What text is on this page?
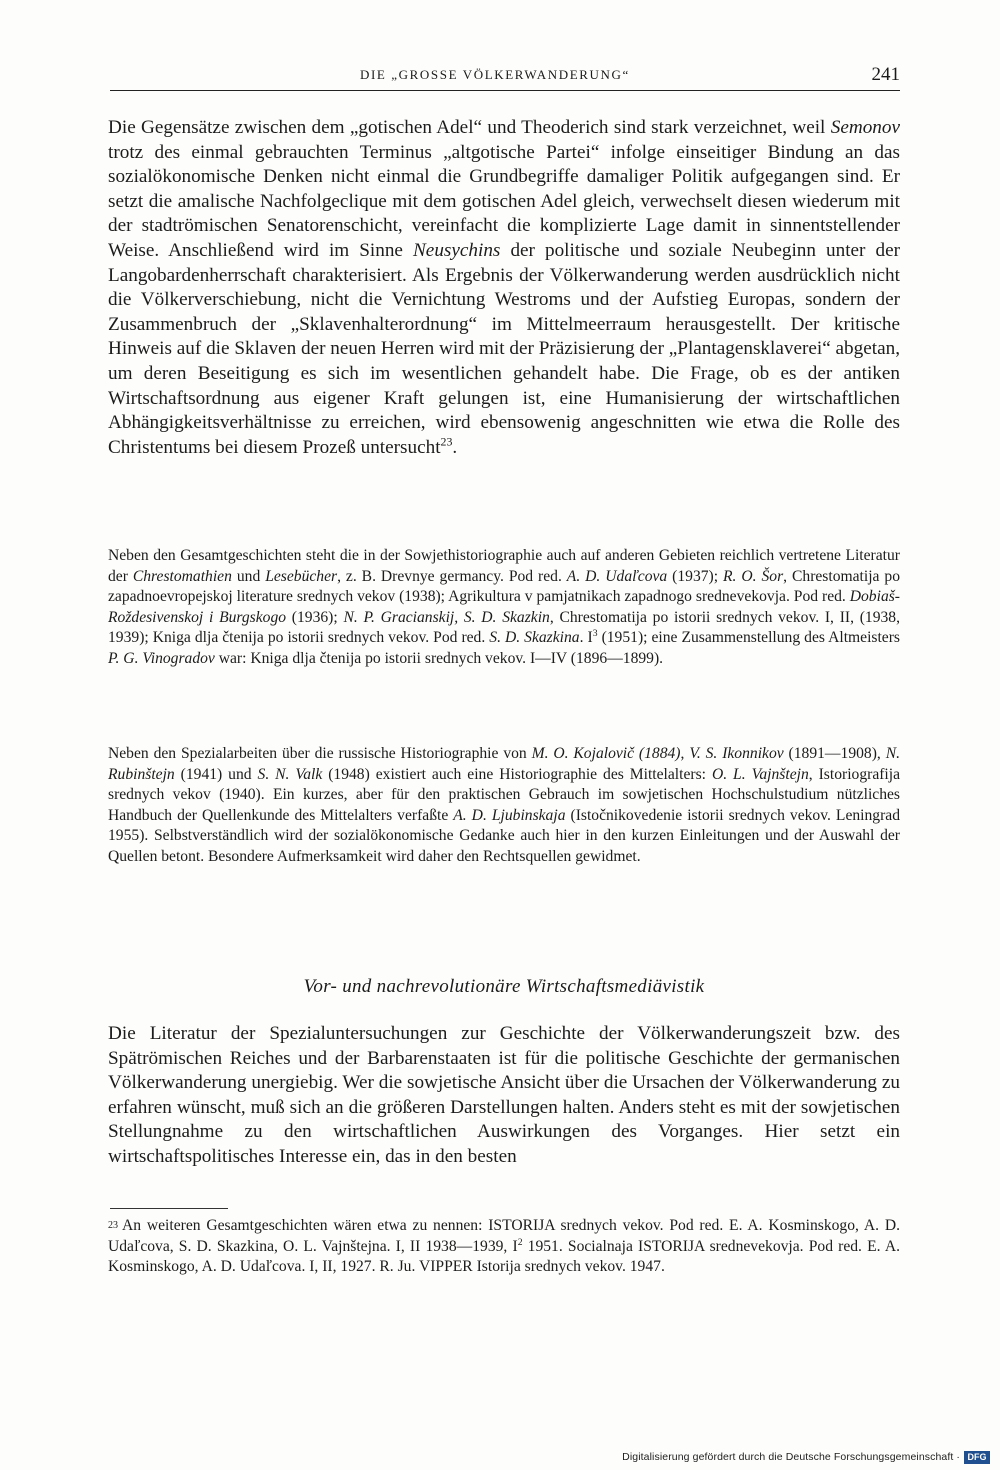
DIE „GROSSE VÖLKERWANDERUNG“	241

Die Gegensätze zwischen dem „gotischen Adel“ und Theoderich sind stark verzeichnet, weil Semonov trotz des einmal gebrauchten Terminus „altgotische Partei“ infolge einseitiger Bindung an das sozialökonomische Denken nicht einmal die Grundbegriffe damaliger Politik aufgegangen sind. Er setzt die amalische Nachfolgeclique mit dem gotischen Adel gleich, verwechselt diesen wiederum mit der stadtrömischen Senatorenschicht, vereinfacht die komplizierte Lage damit in sinnentstellender Weise. Anschließend wird im Sinne Neusychins der politische und soziale Neubeginn unter der Langobardenherrschaft charakterisiert. Als Ergebnis der Völkerwanderung werden ausdrücklich nicht die Völkerverschiebung, nicht die Vernichtung Westroms und der Aufstieg Europas, sondern der Zusammenbruch der „Sklavenhalterordnung“ im Mittelmeerraum herausgestellt. Der kritische Hinweis auf die Sklaven der neuen Herren wird mit der Präzisierung der „Plantagensklaverei“ abgetan, um deren Beseitigung es sich im wesentlichen gehandelt habe. Die Frage, ob es der antiken Wirtschaftsordnung aus eigener Kraft gelungen ist, eine Humanisierung der wirtschaftlichen Abhängigkeitsverhältnisse zu erreichen, wird ebensowenig angeschnitten wie etwa die Rolle des Christentums bei diesem Prozeß untersucht$^{23}$.

Neben den Gesamtgeschichten steht die in der Sowjethistoriographie auch auf anderen Gebieten reichlich vertretene Literatur der Chrestomathien und Lesebücher, z. B. Drevnye germancy. Pod red. A. D. Udaľcova (1937); R. O. Šor, Chrestomatija po zapadnoevropejskoj literature srednych vekov (1938); Agrikultura v pamjatnikach zapadnogo srednevekovja. Pod red. Dobiaš-Roždesivenskoj i Burgskogo (1936); N. P. Gracianskij, S. D. Skazkin, Chrestomatija po istorii srednych vekov. I, II, (1938, 1939); Kniga dlja čtenija po istorii srednych vekov. Pod red. S. D. Skazkina. $I^3$ (1951); eine Zusammenstellung des Altmeisters P. G. Vinogradov war: Kniga dlja čtenija po istorii srednych vekov. I—IV (1896—1899).

Neben den Spezialarbeiten über die russische Historiographie von M. O. Kojalovič (1884), V. S. Ikonnikov (1891—1908), N. Rubinštejn (1941) und S. N. Valk (1948) existiert auch eine Historiographie des Mittelalters: O. L. Vajnštejn, Istoriografija srednych vekov (1940). Ein kurzes, aber für den praktischen Gebrauch im sowjetischen Hochschulstudium nützliches Handbuch der Quellenkunde des Mittelalters verfaßte A. D. Ljubinskaja (Istočnikovedenie istorii srednych vekov. Leningrad 1955). Selbstverständlich wird der sozialökonomische Gedanke auch hier in den kurzen Einleitungen und der Auswahl der Quellen betont. Besondere Aufmerksamkeit wird daher den Rechtsquellen gewidmet.

Vor- und nachrevolutionäre Wirtschaftsmediävistik

Die Literatur der Spezialuntersuchungen zur Geschichte der Völkerwanderungszeit bzw. des Spätrömischen Reiches und der Barbarenstaaten ist für die politische Geschichte der germanischen Völkerwanderung unergiebig. Wer die sowjetische Ansicht über die Ursachen der Völkerwanderung zu erfahren wünscht, muß sich an die größeren Darstellungen halten. Anders steht es mit der sowjetischen Stellungnahme zu den wirtschaftlichen Auswirkungen des Vorganges. Hier setzt ein wirtschaftspolitisches Interesse ein, das in den besten

$^{23}$ An weiteren Gesamtgeschichten wären etwa zu nennen: ISTORIJA srednych vekov. Pod red. E. A. Kosminskogo, A. D. Udaľcova, S. D. Skazkina, O. L. Vajnštejna. I, II 1938—1939, $I^2$ 1951. Socialnaja ISTORIJA srednevekovja. Pod red. E. A. Kosminskogo, A. D. Udaľcova. I, II, 1927. R. Ju. VIPPER Istorija srednych vekov. 1947.

Digitalisierung gefördert durch die Deutsche Forschungsgemeinschaft · DFG
